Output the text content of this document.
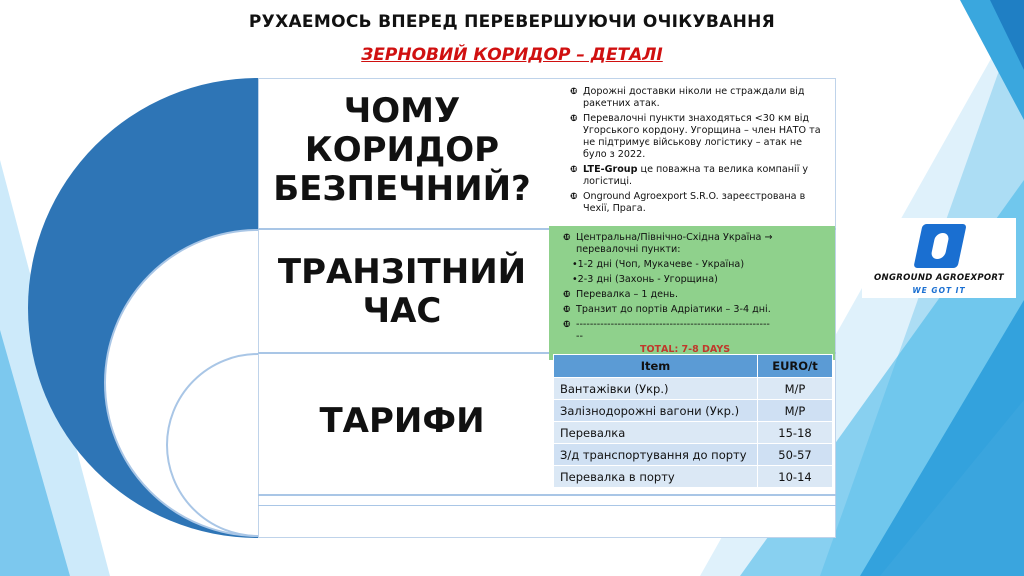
РУХАЕМОСЬ ВПЕРЕД ПЕРЕВЕРШУЮЧИ ОЧІКУВАННЯ
ЗЕРНОВИЙ КОРИДОР – ДЕТАЛІ
ЧОМУ
КОРИДОР
БЕЗПЕЧНИЙ?
❿ Дорожні доставки ніколи не страждали від ракетних атак.
❿ Перевалочні пункти знаходяться <30 км від Угорського кордону. Угорщина – член НАТО та не підтримує військову логістику – атак не було з 2022.
❿ LTE-Group це поважна та велика компанії у логістиці.
❿ Onground Agroexport S.R.O. зареєстрована в Чехії, Прага.
ТРАНЗІТНИЙ
ЧАС
❿ Центральна/Північно-Східна Україна → перевалочні пункти:
•1-2 дні (Чоп, Мукачеве - Україна)
•2-3 дні (Захонь - Угорщина)
❿ Перевалка – 1 день.
❿ Транзит до портів Адріатики – 3-4 дні.
❿ --------------------------------------------------------
--
ТОТАL: 7-8 DAYS
ТАРИФИ
Item	EURO/t
Вантажівки (Укр.)	М/Р
Залізнодорожні вагони (Укр.)	М/Р
Перевалка	15-18
З/д транспортування до порту	50-57
Перевалка в порту	10-14
ONGROUND AGROEXPORT
WE GOT IT
